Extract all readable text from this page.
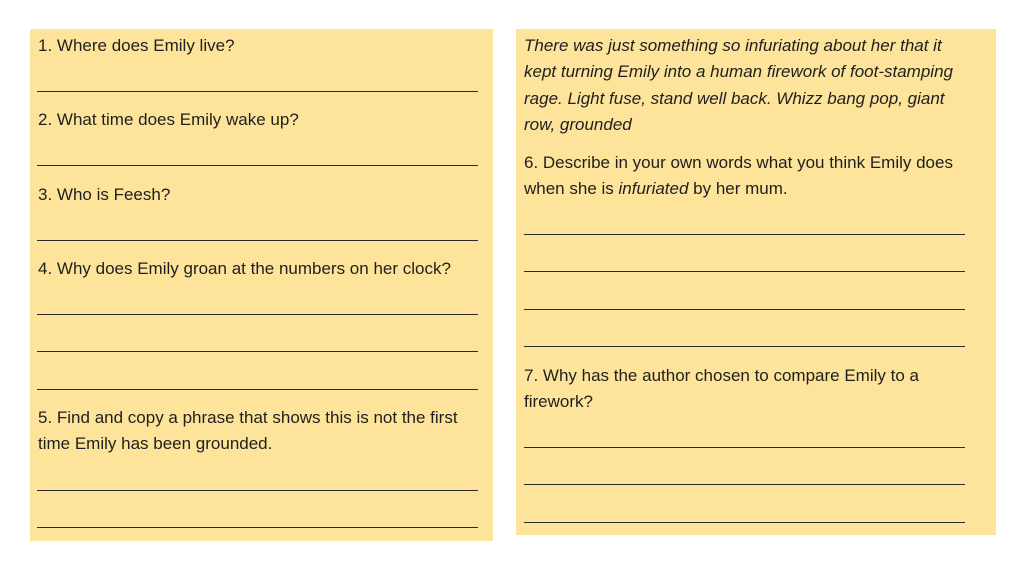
1. Where does Emily live?

2. What time does Emily wake up?

3. Who is Feesh?

4. Why does Emily groan at the numbers on her clock?

5. Find and copy a phrase that shows this is not the first

time Emily has been grounded.

There was just something so infuriating about her that it

kept turning Emily into a human firework of foot-stamping

rage. Light fuse, stand well back. Whizz bang pop, giant

row, grounded

6. Describe in your own words what you think Emily does

when she is infuriated by her mum.

7. Why has the author chosen to compare Emily to a

firework?
